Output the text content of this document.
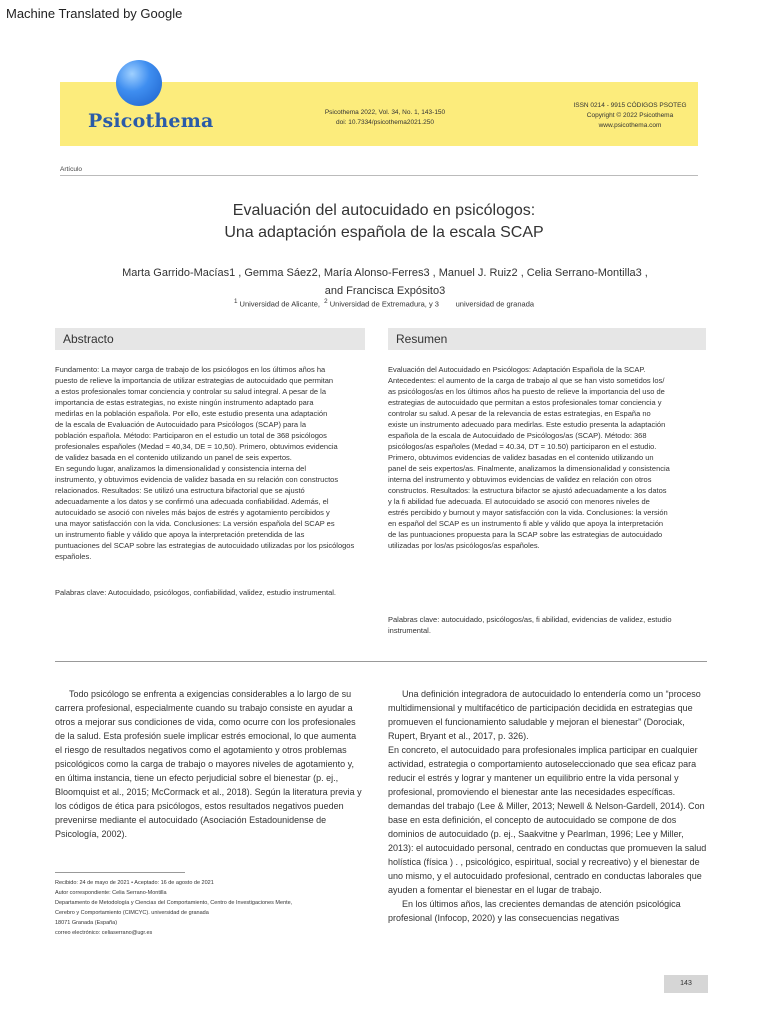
Machine Translated by Google
Psicothema	Psicothema 2022, Vol. 34, No. 1, 143-150
doi: 10.7334/psicothema2021.250
ISSN 0214 - 9915 CÓDIGOS PSOTEG
Copyright © 2022 Psicothema
www.psicothema.com
Artículo
Evaluación del autocuidado en psicólogos:
Una adaptación española de la escala SCAP
Marta Garrido-Macías1 , Gemma Sáez2, María Alonso-Ferres3 , Manuel J. Ruiz2 , Celia Serrano-Montilla3 ,
and Francisca Expósito3
$^1$ Universidad de Alicante, $^2$ Universidad de Extremadura, y 3 universidad de granada
Abstracto	Resumen
Fundamento: La mayor carga de trabajo de los psicólogos en los últimos años ha
puesto de relieve la importancia de utilizar estrategias de autocuidado que permitan
a estos profesionales tomar conciencia y controlar su salud integral. A pesar de la
importancia de estas estrategias, no existe ningún instrumento adaptado para
medirlas en la población española. Por ello, este estudio presenta una adaptación
de la escala de Evaluación de Autocuidado para Psicólogos (SCAP) para la
población española. Método: Participaron en el estudio un total de 368 psicólogos
profesionales españoles (Medad = 40,34, DE = 10,50). Primero, obtuvimos evidencia
de validez basada en el contenido utilizando un panel de seis expertos.
En segundo lugar, analizamos la dimensionalidad y consistencia interna del
instrumento, y obtuvimos evidencia de validez basada en su relación con constructos
relacionados. Resultados: Se utilizó una estructura bifactorial que se ajustó
adecuadamente a los datos y se confirmó una adecuada confiabilidad. Además, el
autocuidado se asoció con niveles más bajos de estrés y agotamiento percibidos y
una mayor satisfacción con la vida. Conclusiones: La versión española del SCAP es
un instrumento fiable y válido que apoya la interpretación pretendida de las
puntuaciones del SCAP sobre las estrategias de autocuidado utilizadas por los psicólogos españoles.
Evaluación del Autocuidado en Psicólogos: Adaptación Española de la SCAP.
Antecedentes: el aumento de la carga de trabajo al que se han visto sometidos los/
as psicólogos/as en los últimos años ha puesto de relieve la importancia del uso de
estrategias de autocuidado que permitan a estos profesionales tomar conciencia y
controlar su salud. A pesar de la relevancia de estas estrategias, en España no
existe un instrumento adecuado para medirlas. Este estudio presenta la adaptación
española de la escala de Autocuidado de Psicólogos/as (SCAP). Método: 368
psicólogos/as españoles (Medad = 40.34, DT = 10.50) participaron en el estudio.
Primero, obtuvimos evidencias de validez basadas en el contenido utilizando un
panel de seis expertos/as. Finalmente, analizamos la dimensionalidad y consistencia
interna del instrumento y obtuvimos evidencias de validez en relación con otros
constructos. Resultados: la estructura bifactor se ajustó adecuadamente a los datos
y la fi abilidad fue adecuada. El autocuidado se asoció con menores niveles de
estrés percibido y burnout y mayor satisfacción con la vida. Conclusiones: la versión
en español del SCAP es un instrumento fi able y válido que apoya la interpretación
de las puntuaciones propuesta para la SCAP sobre las estrategias de autocuidado
utilizadas por los/as psicólogos/as españoles.
Palabras clave: Autocuidado, psicólogos, confiabilidad, validez, estudio instrumental.
Palabras clave: autocuidado, psicólogos/as, fi abilidad, evidencias de validez, estudio instrumental.

Todo psicólogo se enfrenta a exigencias considerables a lo largo de su carrera profesional, especialmente cuando su trabajo consiste en ayudar a otros a mejorar sus condiciones de vida, como ocurre con los profesionales de la salud. Esta profesión suele implicar estrés emocional, lo que aumenta el riesgo de resultados negativos como el agotamiento y otros problemas psicológicos como la carga de trabajo o mayores niveles de agotamiento y, en última instancia, tiene un efecto perjudicial sobre el bienestar (p. ej., Bloomquist et al., 2015; McCormack et al., 2018). Según la literatura previa y los códigos de ética para psicólogos, estos resultados negativos pueden prevenirse mediante el autocuidado (Asociación Estadounidense de Psicología, 2002).

Una definición integradora de autocuidado lo entendería como un “proceso multidimensional y multifacético de participación decidida en estrategias que promueven el funcionamiento saludable y mejoran el bienestar” (Dorociak, Rupert, Bryant et al., 2017, p. 326).

En concreto, el autocuidado para profesionales implica participar en cualquier actividad, estrategia o comportamiento autoseleccionado que sea eficaz para reducir el estrés y lograr y mantener un equilibrio entre la vida personal y profesional, promoviendo el bienestar ante las necesidades específicas. demandas del trabajo (Lee & Miller, 2013; Newell & Nelson-Gardell, 2014). Con base en esta definición, el concepto de autocuidado se compone de dos dominios de autocuidado (p. ej., Saakvitne y Pearlman, 1996; Lee y Miller, 2013): el autocuidado personal, centrado en conductas que promueven la salud holística (física ) . , psicológico, espiritual, social y recreativo) y el bienestar de uno mismo, y el autocuidado profesional, centrado en conductas laborales que ayuden a fomentar el bienestar en el lugar de trabajo.

En los últimos años, las crecientes demandas de atención psicológica profesional (Infocop, 2020) y las consecuencias negativas

Recibido: 24 de mayo de 2021 • Aceptado: 16 de agosto de 2021
Autor correspondiente: Celia Serrano-Montilla
Departamento de Metodología y Ciencias del Comportamiento, Centro de Investigaciones Mente,
Cerebro y Comportamiento (CIMCYC). universidad de granada
18071 Granada (España)
correo electrónico: celiaserrano@ugr.es
143
